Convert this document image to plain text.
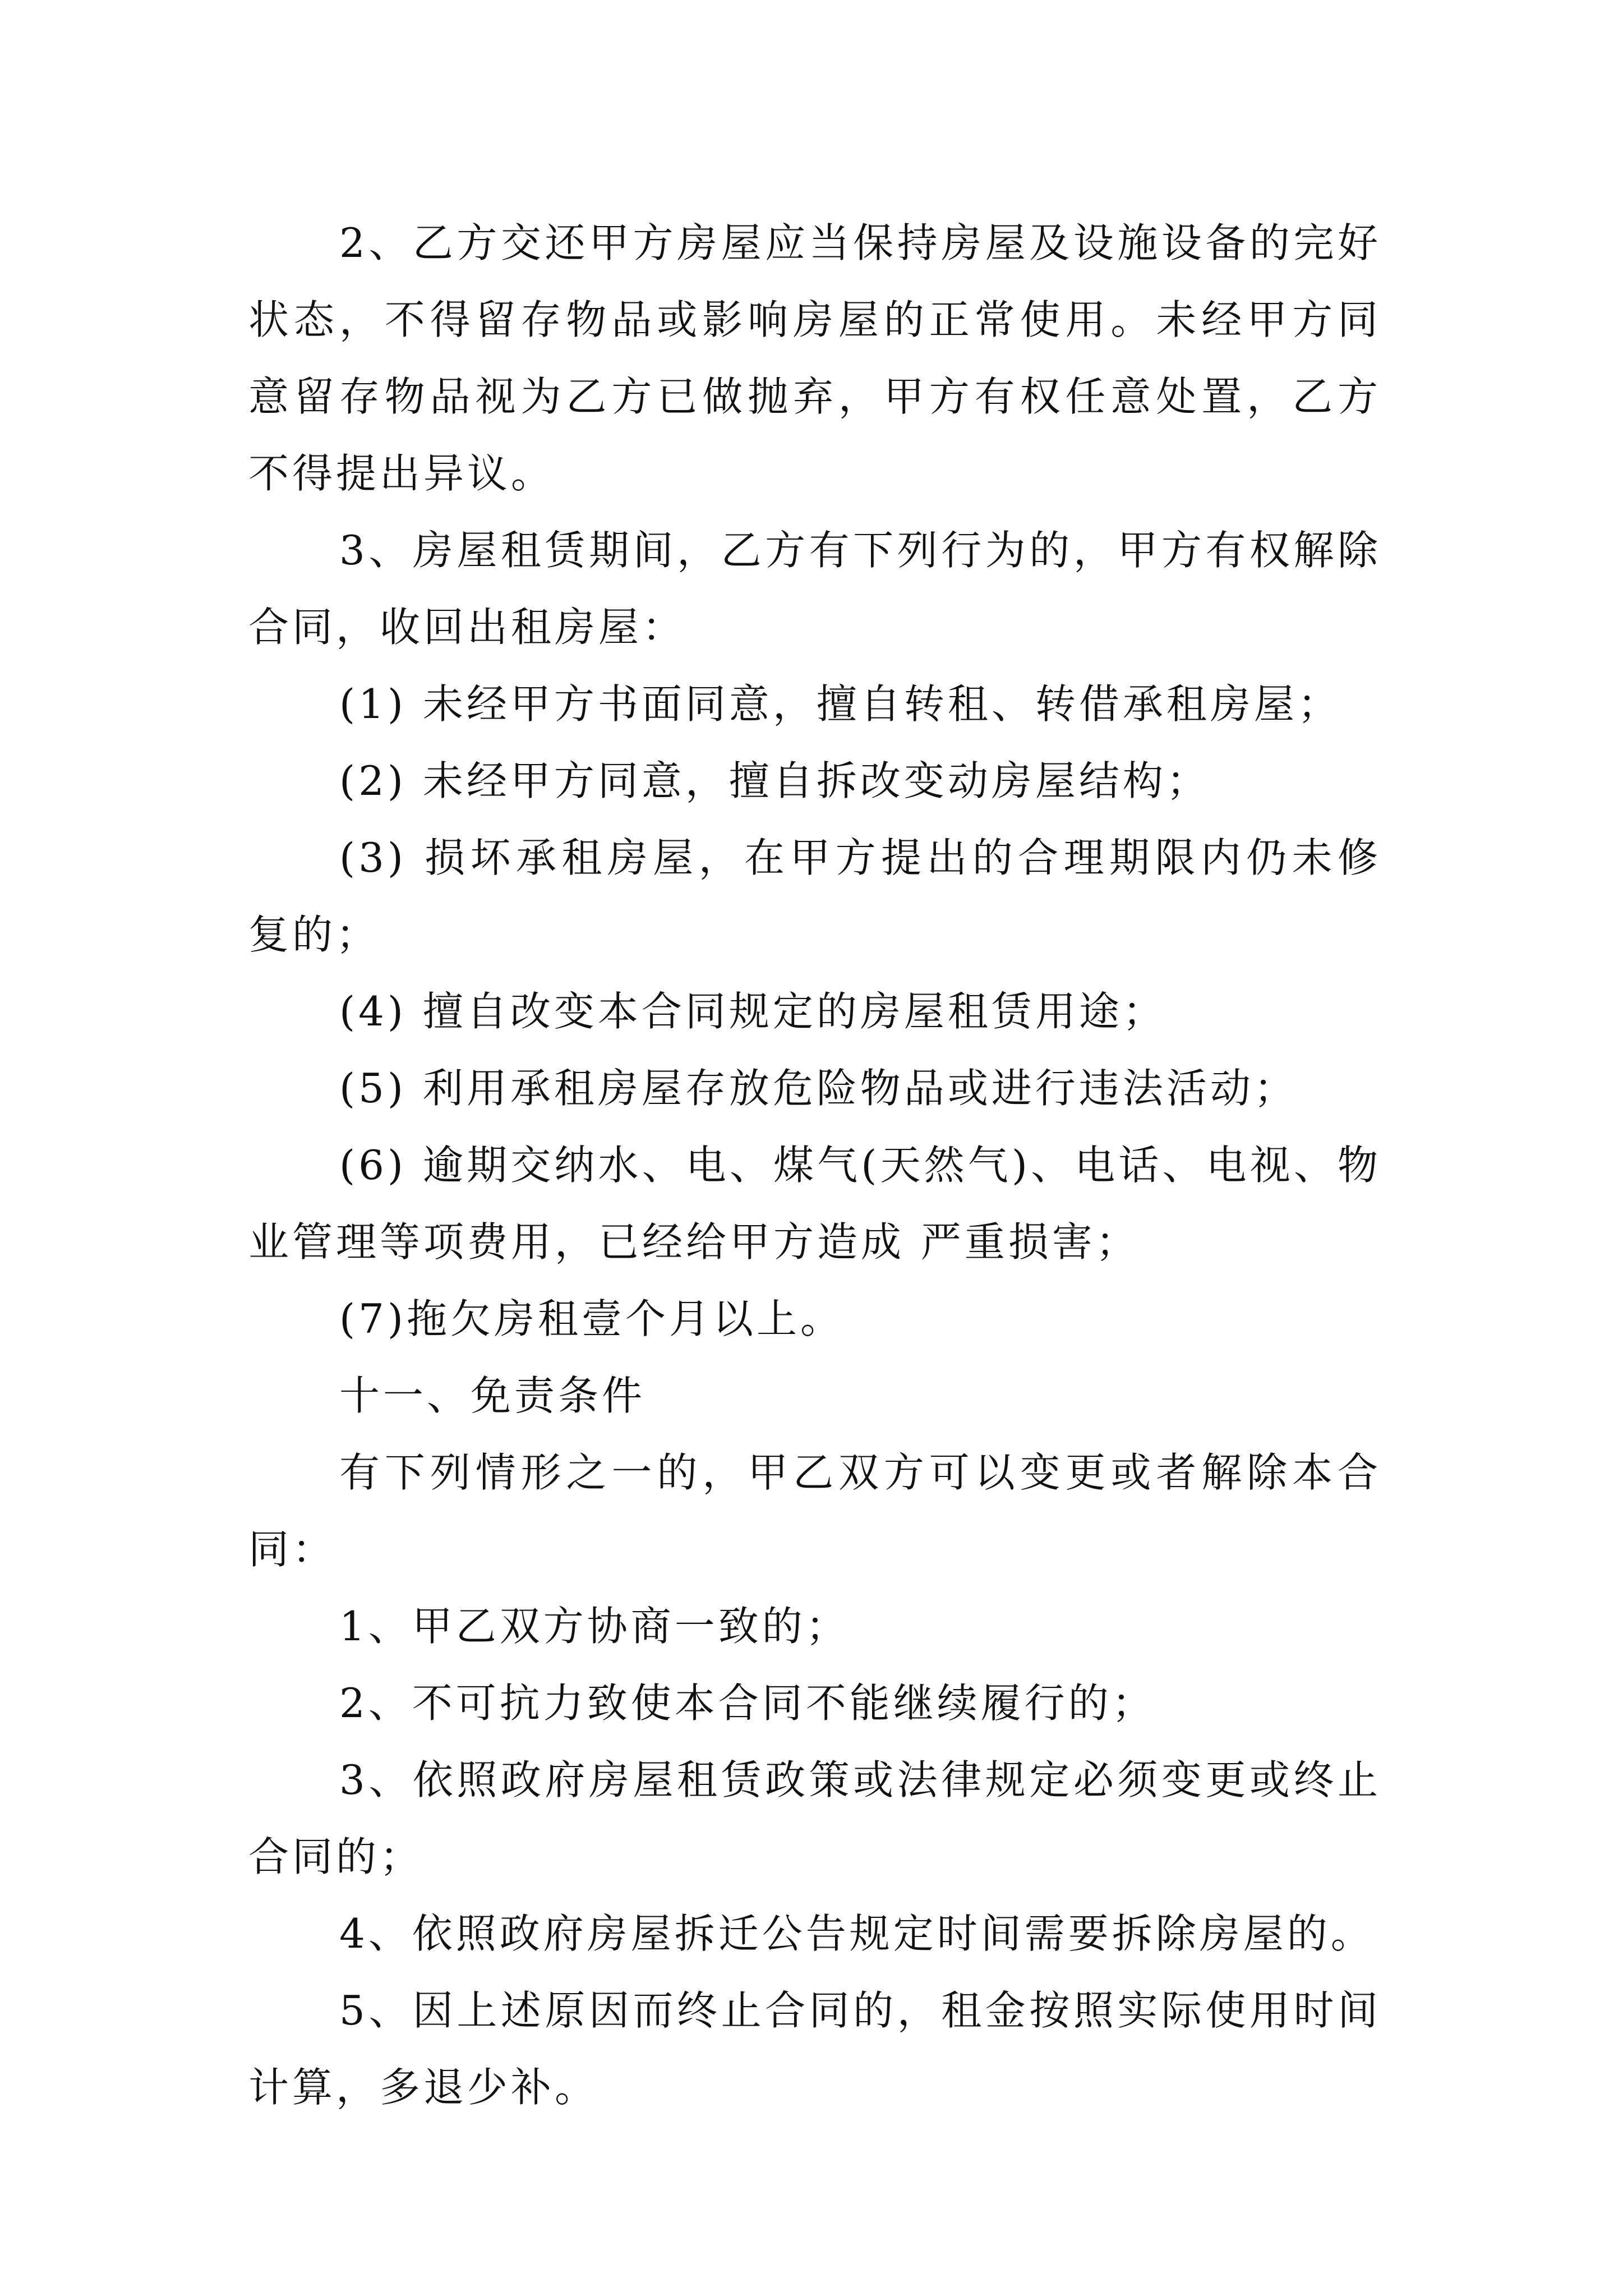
2、乙方交还甲方房屋应当保持房屋及设施设备的完好状态，不得留存物品或影响房屋的正常使用。未经甲方同意留存物品视为乙方已做抛弃，甲方有权任意处置，乙方不得提出异议。

3、房屋租赁期间，乙方有下列行为的，甲方有权解除合同，收回出租房屋：

(1) 未经甲方书面同意，擅自转租、转借承租房屋；

(2) 未经甲方同意，擅自拆改变动房屋结构；

(3) 损坏承租房屋，在甲方提出的合理期限内仍未修复的；

(4) 擅自改变本合同规定的房屋租赁用途；

(5) 利用承租房屋存放危险物品或进行违法活动；

(6) 逾期交纳水、电、煤气(天然气)、电话、电视、物业管理等项费用，已经给甲方造成 严重损害；

(7)拖欠房租壹个月以上。

十一、免责条件

有下列情形之一的，甲乙双方可以变更或者解除本合同：

1、甲乙双方协商一致的；

2、不可抗力致使本合同不能继续履行的；

3、依照政府房屋租赁政策或法律规定必须变更或终止合同的；

4、依照政府房屋拆迁公告规定时间需要拆除房屋的。

5、因上述原因而终止合同的，租金按照实际使用时间计算，多退少补。
